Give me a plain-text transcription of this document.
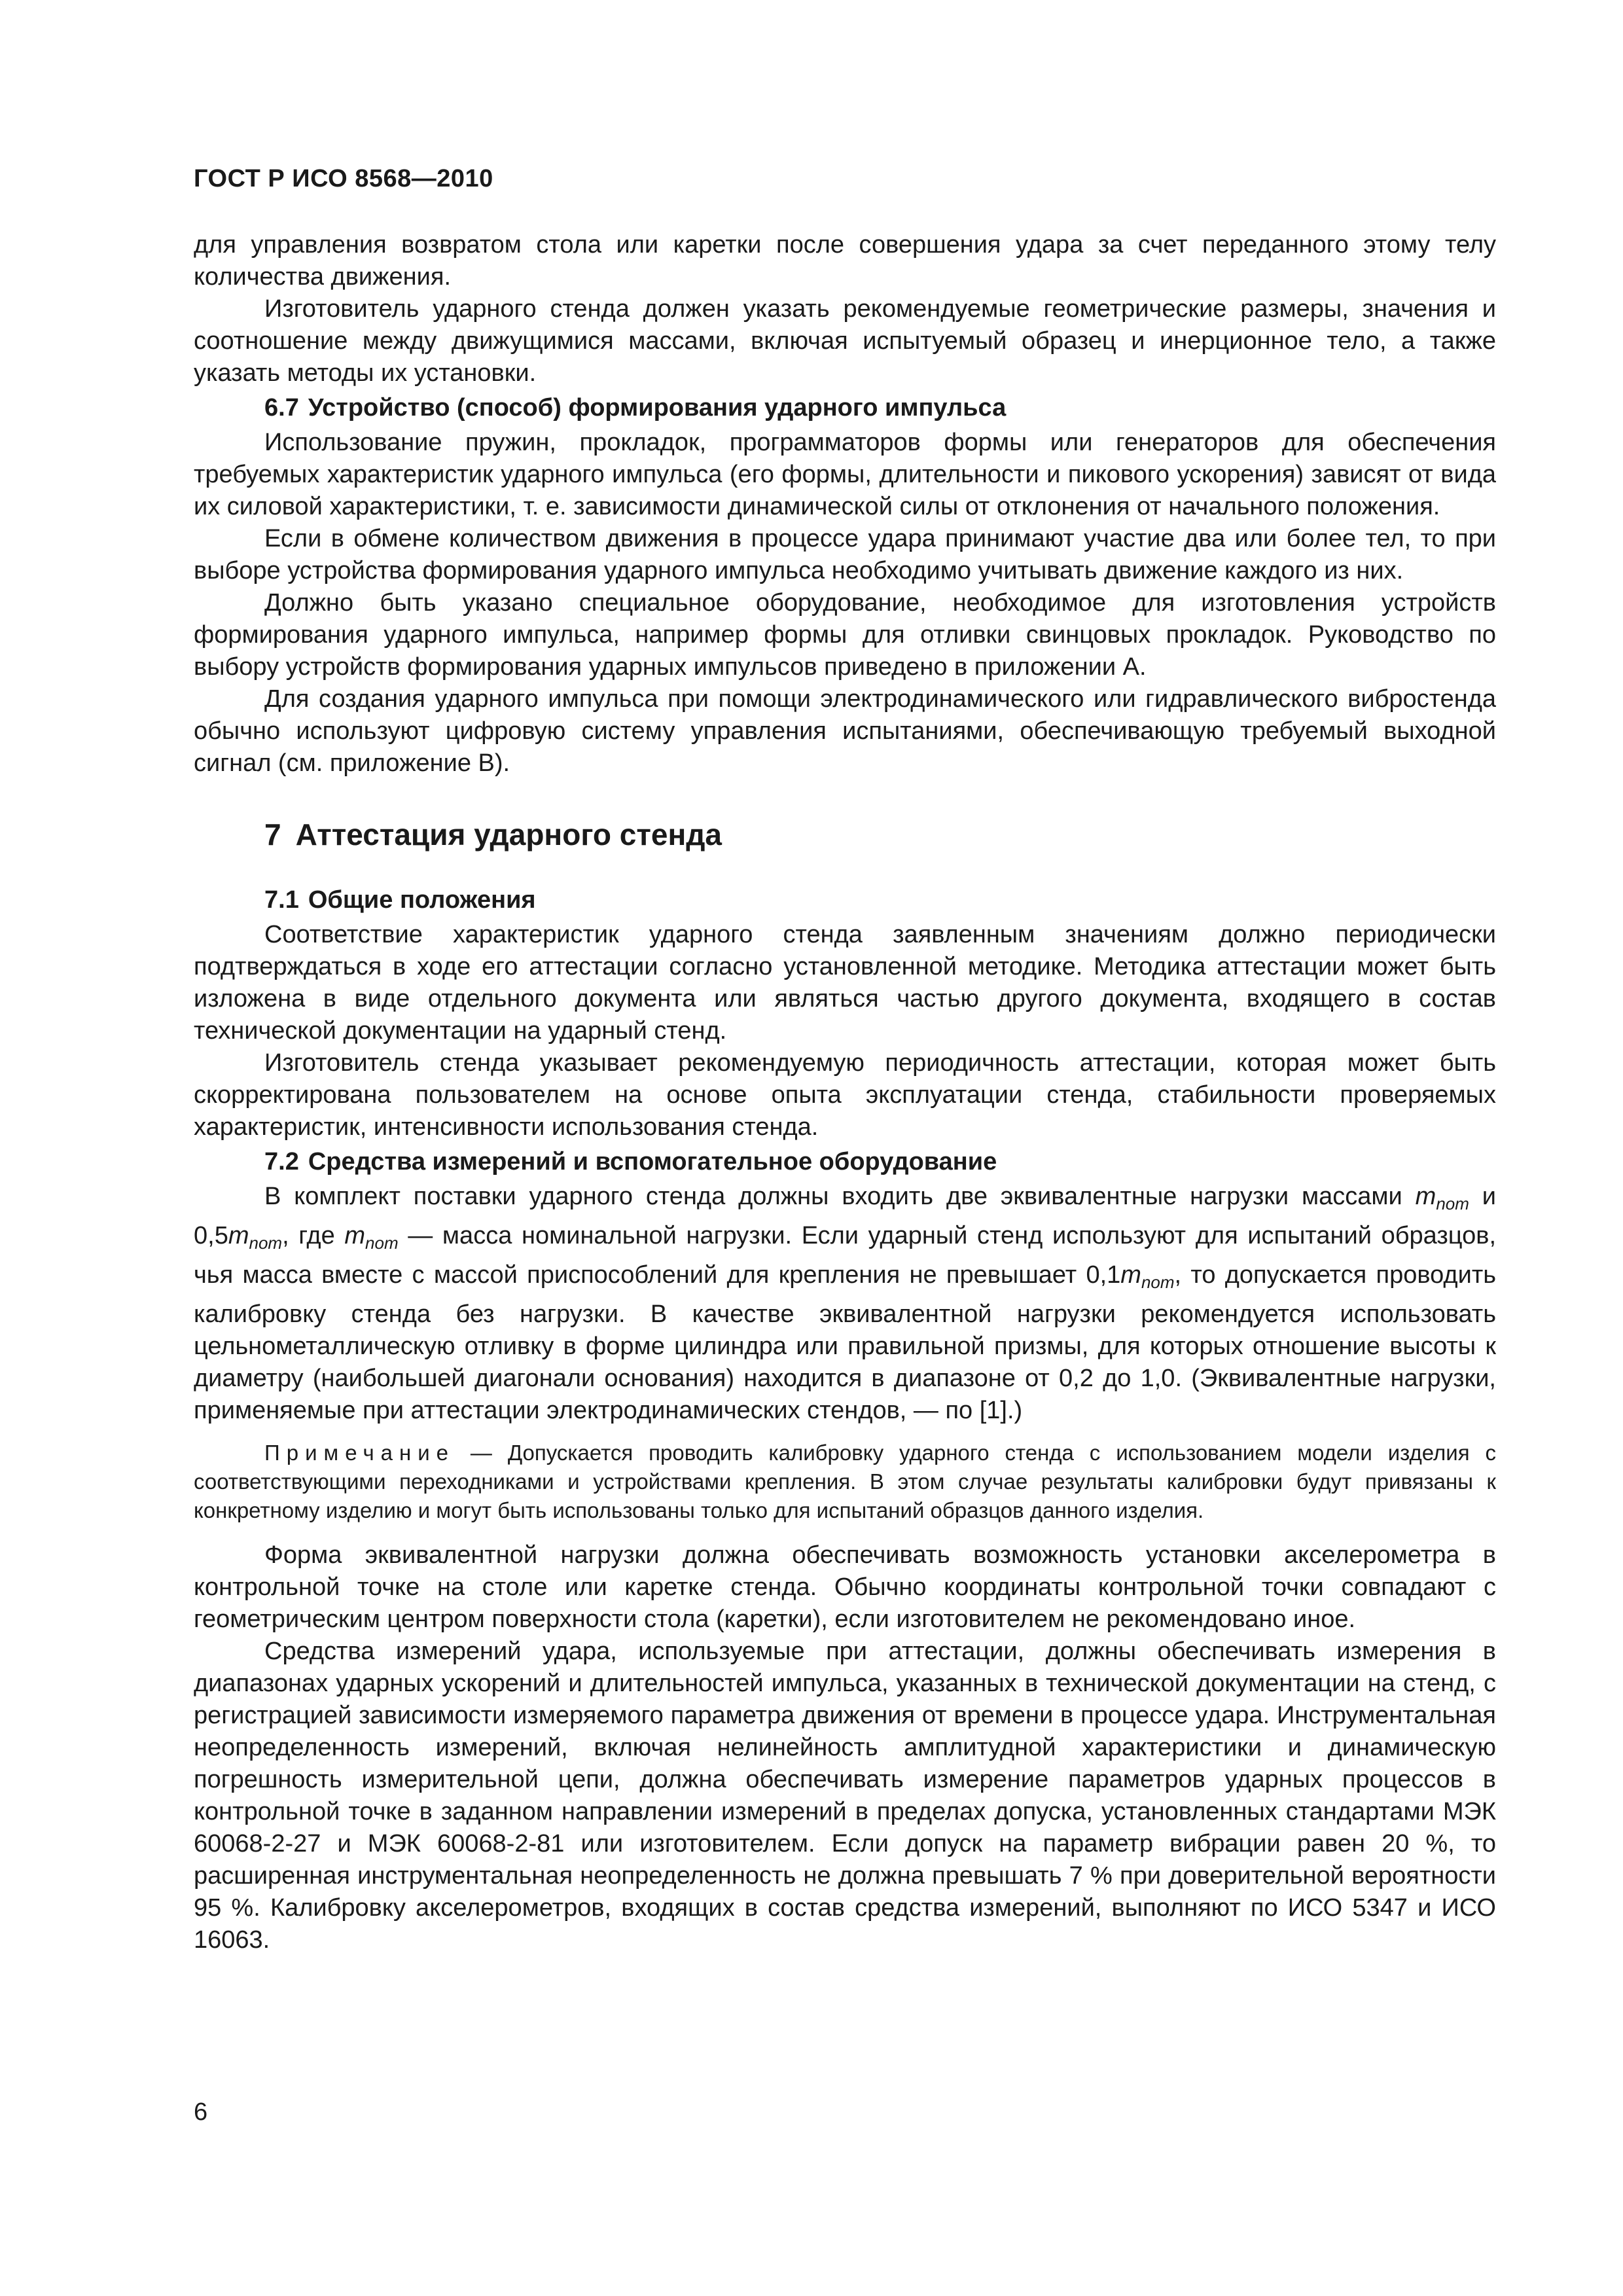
ГОСТ Р ИСО 8568—2010

для управления возвратом стола или каретки после совершения удара за счет переданного этому телу количества движения.

Изготовитель ударного стенда должен указать рекомендуемые геометрические размеры, значения и соотношение между движущимися массами, включая испытуемый образец и инерционное тело, а также указать методы их установки.

6.7 Устройство (способ) формирования ударного импульса

Использование пружин, прокладок, программаторов формы или генераторов для обеспечения требуемых характеристик ударного импульса (его формы, длительности и пикового ускорения) зависят от вида их силовой характеристики, т. е. зависимости динамической силы от отклонения от начального положения.

Если в обмене количеством движения в процессе удара принимают участие два или более тел, то при выборе устройства формирования ударного импульса необходимо учитывать движение каждого из них.

Должно быть указано специальное оборудование, необходимое для изготовления устройств формирования ударного импульса, например формы для отливки свинцовых прокладок. Руководство по выбору устройств формирования ударных импульсов приведено в приложении А.

Для создания ударного импульса при помощи электродинамического или гидравлического вибростенда обычно используют цифровую систему управления испытаниями, обеспечивающую требуемый выходной сигнал (см. приложение В).

7 Аттестация ударного стенда
7.1 Общие положения

Соответствие характеристик ударного стенда заявленным значениям должно периодически подтверждаться в ходе его аттестации согласно установленной методике. Методика аттестации может быть изложена в виде отдельного документа или являться частью другого документа, входящего в состав технической документации на ударный стенд.

Изготовитель стенда указывает рекомендуемую периодичность аттестации, которая может быть скорректирована пользователем на основе опыта эксплуатации стенда, стабильности проверяемых характеристик, интенсивности использования стенда.

7.2 Средства измерений и вспомогательное оборудование

В комплект поставки ударного стенда должны входить две эквивалентные нагрузки массами $m_{nom}$ и $0,5m_{nom}$, где $m_{nom}$ — масса номинальной нагрузки. Если ударный стенд используют для испытаний образцов, чья масса вместе с массой приспособлений для крепления не превышает $0,1m_{nom}$, то допускается проводить калибровку стенда без нагрузки. В качестве эквивалентной нагрузки рекомендуется использовать цельнометаллическую отливку в форме цилиндра или правильной призмы, для которых отношение высоты к диаметру (наибольшей диагонали основания) находится в диапазоне от 0,2 до 1,0. (Эквивалентные нагрузки, применяемые при аттестации электродинамических стендов, — по [1].)

Примечание — Допускается проводить калибровку ударного стенда с использованием модели изделия с соответствующими переходниками и устройствами крепления. В этом случае результаты калибровки будут привязаны к конкретному изделию и могут быть использованы только для испытаний образцов данного изделия.

Форма эквивалентной нагрузки должна обеспечивать возможность установки акселерометра в контрольной точке на столе или каретке стенда. Обычно координаты контрольной точки совпадают с геометрическим центром поверхности стола (каретки), если изготовителем не рекомендовано иное.

Средства измерений удара, используемые при аттестации, должны обеспечивать измерения в диапазонах ударных ускорений и длительностей импульса, указанных в технической документации на стенд, с регистрацией зависимости измеряемого параметра движения от времени в процессе удара. Инструментальная неопределенность измерений, включая нелинейность амплитудной характеристики и динамическую погрешность измерительной цепи, должна обеспечивать измерение параметров ударных процессов в контрольной точке в заданном направлении измерений в пределах допуска, установленных стандартами МЭК 60068-2-27 и МЭК 60068-2-81 или изготовителем. Если допуск на параметр вибрации равен 20 %, то расширенная инструментальная неопределенность не должна превышать 7 % при доверительной вероятности 95 %. Калибровку акселерометров, входящих в состав средства измерений, выполняют по ИСО 5347 и ИСО 16063.

6
